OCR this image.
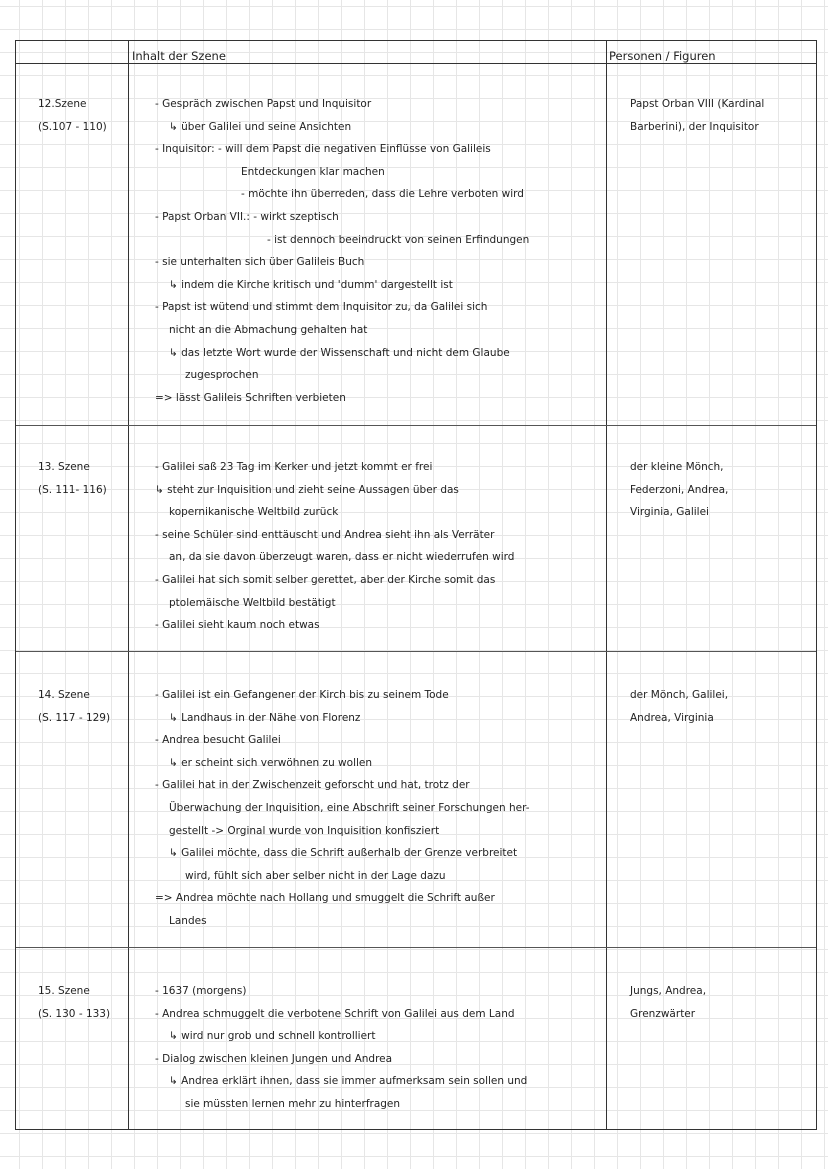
Inhalt der Szene	Personen / Figuren
12.Szene
(S.107 - 110)
- Gespräch zwischen Papst und Inquisitor
↳ über Galilei und seine Ansichten
- Inquisitor: - will dem Papst die negativen Einflüsse von Galileis
Entdeckungen klar machen
- möchte ihn überreden, dass die Lehre verboten wird
- Papst Orban VII.: - wirkt szeptisch
- ist dennoch beeindruckt von seinen Erfindungen
- sie unterhalten sich über Galileis Buch
↳ indem die Kirche kritisch und 'dumm' dargestellt ist
- Papst ist wütend und stimmt dem Inquisitor zu, da Galilei sich
nicht an die Abmachung gehalten hat
↳ das letzte Wort wurde der Wissenschaft und nicht dem Glaube
zugesprochen
=> lässt Galileis Schriften verbieten
Papst Orban VIII (Kardinal
Barberini), der Inquisitor
13. Szene
(S. 111- 116)
- Galilei saß 23 Tag im Kerker und jetzt kommt er frei
↳ steht zur Inquisition und zieht seine Aussagen über das
kopernikanische Weltbild zurück
- seine Schüler sind enttäuscht und Andrea sieht ihn als Verräter
an, da sie davon überzeugt waren, dass er nicht wiederrufen wird
- Galilei hat sich somit selber gerettet, aber der Kirche somit das
ptolemäische Weltbild bestätigt
- Galilei sieht kaum noch etwas
der kleine Mönch,
Federzoni, Andrea,
Virginia, Galilei
14. Szene
(S. 117 - 129)
- Galilei ist ein Gefangener der Kirch bis zu seinem Tode
↳ Landhaus in der Nähe von Florenz
- Andrea besucht Galilei
↳ er scheint sich verwöhnen zu wollen
- Galilei hat in der Zwischenzeit geforscht und hat, trotz der
Überwachung der Inquisition, eine Abschrift seiner Forschungen her-
gestellt -> Orginal wurde von Inquisition konfisziert
↳ Galilei möchte, dass die Schrift außerhalb der Grenze verbreitet
wird, fühlt sich aber selber nicht in der Lage dazu
=> Andrea möchte nach Hollang und smuggelt die Schrift außer
Landes
der Mönch, Galilei,
Andrea, Virginia
15. Szene
(S. 130 - 133)
- 1637 (morgens)
- Andrea schmuggelt die verbotene Schrift von Galilei aus dem Land
↳ wird nur grob und schnell kontrolliert
- Dialog zwischen kleinen Jungen und Andrea
↳ Andrea erklärt ihnen, dass sie immer aufmerksam sein sollen und
sie müssten lernen mehr zu hinterfragen
Jungs, Andrea,
Grenzwärter
